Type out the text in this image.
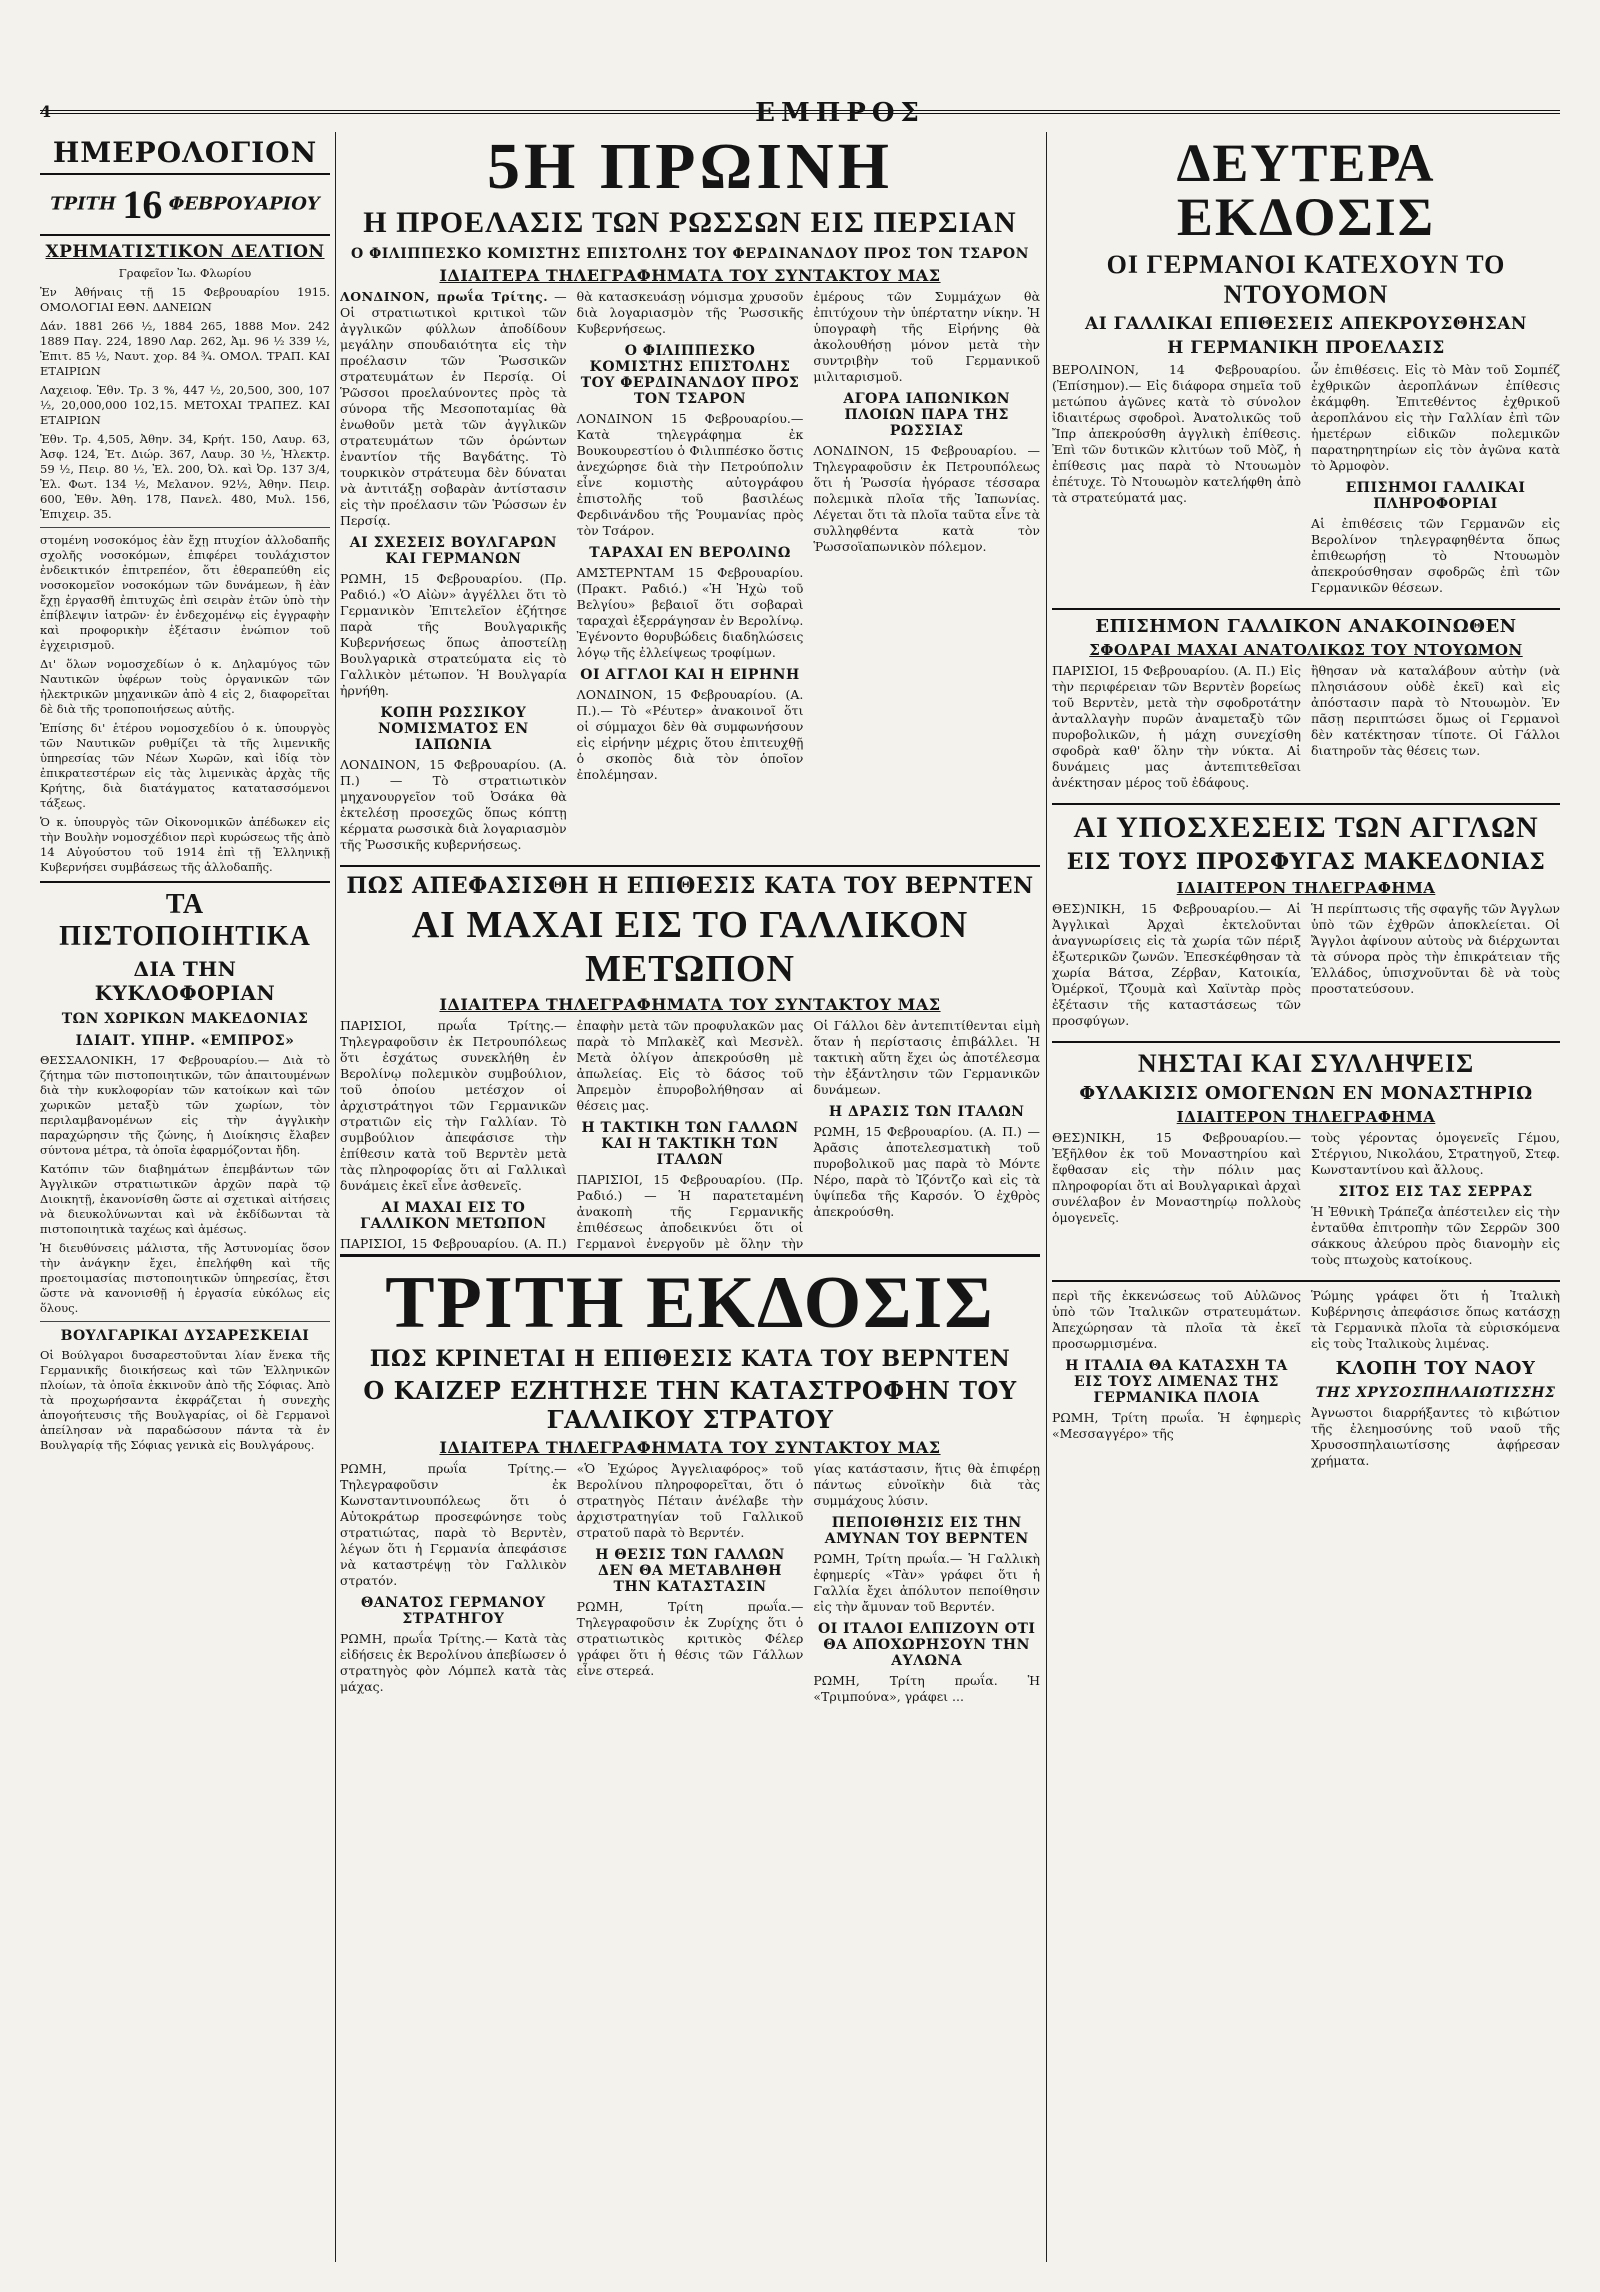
4	ΕΜΠΡΟΣ
ΗΜΕΡΟΛΟΓΙΟΝ
ΤΡΙΤΗ 16 ΦΕΒΡΟΥΑΡΙΟΥ
ΧΡΗΜΑΤΙΣΤΙΚΟΝ ΔΕΛΤΙΟΝ

Γραφεῖον Ἰω. Φλωρίου

Ἐν Ἀθήναις τῇ 15 Φεβρουαρίου 1915. ΟΜΟΛΟΓΙΑΙ ΕΘΝ. ΔΑΝΕΙΩΝ

Δάν. 1881 266 ½, 1884 265, 1888 Μον. 242 1889 Παγ. 224, 1890 Λαρ. 262, Ἀμ. 96 ½ 339 ½, Ἐπιτ. 85 ½, Ναυτ. χορ. 84 ¾. ΟΜΟΛ. ΤΡΑΠ. ΚΑΙ ΕΤΑΙΡΙΩΝ

Λαχειοφ. Ἐθν. Τρ. 3 %, 447 ½, 20,500, 300, 107 ½, 20,000,000 102,15. ΜΕΤΟΧΑΙ ΤΡΑΠΕΖ. ΚΑΙ ΕΤΑΙΡΙΩΝ

Ἐθν. Τρ. 4,505, Ἀθην. 34, Κρήτ. 150, Λαυρ. 63, Ἀσφ. 124, Ἐτ. Διώρ. 367, Λαυρ. 30 ½, Ἠλεκτρ. 59 ½, Πειρ. 80 ½, Ἐλ. 200, Ὀλ. καὶ Ὀρ. 137 3/4, Ἐλ. Φωτ. 134 ½, Μελανον. 92½, Ἀθην. Πειρ. 600, Ἐθν. Ἀθη. 178, Πανελ. 480, Μυλ. 156, Ἐπιχειρ. 35.

στομένη νοσοκόμος ἐὰν ἔχῃ πτυχίον ἀλλοδαπῆς σχολῆς νοσοκόμων, ἐπιφέρει τουλάχιστον ἐνδεικτικόν ἐπιτρεπέον, ὅτι ἐθεραπεύθη εἰς νοσοκομεῖον νοσοκόμων τῶν δυνάμεων, ἢ ἐὰν ἔχῃ ἐργασθῆ ἐπιτυχῶς ἐπὶ σειρὰν ἐτῶν ὑπὸ τὴν ἐπίβλεψιν ἰατρῶν· ἐν ἐνδεχομένῳ εἰς ἐγγραφὴν καὶ προφορικὴν ἐξέτασιν ἐνώπιον τοῦ ἐγχειρισμοῦ.

Δι' ὅλων νομοσχεδίων ὁ κ. Δηλαμύγος τῶν Ναυτικῶν ὑφέρων τοὺς ὀργανικῶν τῶν ἠλεκτρικῶν μηχανικῶν ἀπὸ 4 εἰς 2, διαφορεῖται δὲ διὰ τῆς τροποποιήσεως αὐτῆς.

Ἐπίσης δι' ἑτέρου νομοσχεδίου ὁ κ. ὑπουργὸς τῶν Ναυτικῶν ρυθμίζει τὰ τῆς λιμενικῆς ὑπηρεσίας τῶν Νέων Χωρῶν, καὶ ἰδίᾳ τὸν ἐπικρατεστέρων εἰς τὰς λιμενικὰς ἀρχὰς τῆς Κρήτης, διὰ διατάγματος κατατασσόμενοι τάξεως.

Ὁ κ. ὑπουργὸς τῶν Οἰκονομικῶν ἀπέδωκεν εἰς τὴν Βουλὴν νομοσχέδιον περὶ κυρώσεως τῆς ἀπὸ 14 Αὐγούστου τοῦ 1914 ἐπὶ τῇ Ἑλληνικῇ Κυβερνήσει συμβάσεως τῆς ἀλλοδαπῆς.

ΤΑ ΠΙΣΤΟΠΟΙΗΤΙΚΑ
ΔΙΑ ΤΗΝ ΚΥΚΛΟΦΟΡΙΑΝ
ΤΩΝ ΧΩΡΙΚΩΝ ΜΑΚΕΔΟΝΙΑΣ
ΙΔΙΑΙΤ. ΥΠΗΡ. «ΕΜΠΡΟΣ»

ΘΕΣΣΑΛΟΝΙΚΗ, 17 Φεβρουαρίου.— Διὰ τὸ ζήτημα τῶν πιστοποιητικῶν, τῶν ἀπαιτουμένων διὰ τὴν κυκλοφορίαν τῶν κατοίκων καὶ τῶν χωρικῶν μεταξὺ τῶν χωρίων, τὸν περιλαμβανομένων εἰς τὴν ἀγγλικὴν παραχώρησιν τῆς ζώνης, ἡ Διοίκησις ἔλαβεν σύντονα μέτρα, τὰ ὁποῖα ἐφαρμόζονται ἤδη.

Κατόπιν τῶν διαβημάτων ἐπεμβάντων τῶν Ἀγγλικῶν στρατιωτικῶν ἀρχῶν παρὰ τῷ Διοικητῇ, ἐκανονίσθη ὥστε αἱ σχετικαὶ αἰτήσεις νὰ διευκολύνωνται καὶ νὰ ἐκδίδωνται τὰ πιστοποιητικὰ ταχέως καὶ ἀμέσως.

Ἡ διευθύνσεις μάλιστα, τῆς Ἀστυνομίας ὅσον τὴν ἀνάγκην ἔχει, ἐπελήφθη καὶ τῆς προετοιμασίας πιστοποιητικῶν ὑπηρεσίας, ἔτσι ὥστε νὰ κανονισθῇ ἡ ἐργασία εὐκόλως εἰς ὅλους.

ΒΟΥΛΓΑΡΙΚΑΙ ΔΥΣΑΡΕΣΚΕΙΑΙ

Οἱ Βούλγαροι δυσαρεστοῦνται λίαν ἕνεκα τῆς Γερμανικῆς διοικήσεως καὶ τῶν Ἑλληνικῶν πλοίων, τὰ ὁποῖα ἐκκινοῦν ἀπὸ τῆς Σόφιας. Ἀπὸ τὰ προχωρήσαντα ἐκφράζεται ἡ συνεχὴς ἀπογοήτευσις τῆς Βουλγαρίας, οἱ δὲ Γερμανοὶ ἀπείλησαν νὰ παραδώσουν πάντα τὰ ἐν Βουλγαρίᾳ τῆς Σόφιας γενικὰ εἰς Βουλγάρους.

5Η ΠΡΩΙΝΗ
Η ΠΡΟΕΛΑΣΙΣ ΤΩΝ ΡΩΣΣΩΝ ΕΙΣ ΠΕΡΣΙΑΝ
Ο ΦΙΛΙΠΠΕΣΚΟ ΚΟΜΙΣΤΗΣ ΕΠΙΣΤΟΛΗΣ ΤΟΥ ΦΕΡΔΙΝΑΝΔΟΥ ΠΡΟΣ ΤΟΝ ΤΣΑΡΟΝ
ΙΔΙΑΙΤΕΡΑ ΤΗΛΕΓΡΑΦΗΜΑΤΑ ΤΟΥ ΣΥΝΤΑΚΤΟΥ ΜΑΣ

ΛΟΝΔΙΝΟΝ, πρωΐα Τρίτης. —Οἱ στρατιωτικοὶ κριτικοὶ τῶν ἀγγλικῶν φύλλων ἀποδίδουν μεγάλην σπουδαιότητα εἰς τὴν προέλασιν τῶν Ῥωσσικῶν στρατευμάτων ἐν Περσίᾳ. Οἱ Ῥῶσσοι προελαύνοντες πρὸς τὰ σύνορα τῆς Μεσοποταμίας θὰ ἐνωθοῦν μετὰ τῶν ἀγγλικῶν στρατευμάτων τῶν ὁρώντων ἐναντίον τῆς Βαγδάτης. Τὸ τουρκικὸν στράτευμα δὲν δύναται νὰ ἀντιτάξῃ σοβαρὰν ἀντίστασιν εἰς τὴν προέλασιν τῶν Ῥώσσων ἐν Περσίᾳ.

ΑΙ ΣΧΕΣΕΙΣ ΒΟΥΛΓΑΡΩΝ ΚΑΙ ΓΕΡΜΑΝΩΝ

ΡΩΜΗ, 15 Φεβρουαρίου. (Πρ. Ραδιό.) «Ὁ Αἰὼν» ἀγγέλλει ὅτι τὸ Γερμανικὸν Ἐπιτελεῖον ἐζήτησε παρὰ τῆς Βουλγαρικῆς Κυβερνήσεως ὅπως ἀποστείλῃ Βουλγαρικὰ στρατεύματα εἰς τὸ Γαλλικὸν μέτωπον. Ἡ Βουλγαρία ἠρνήθη.

ΚΟΠΗ ΡΩΣΣΙΚΟΥ ΝΟΜΙΣΜΑΤΟΣ ΕΝ ΙΑΠΩΝΙΑ

ΛΟΝΔΙΝΟΝ, 15 Φεβρουαρίου. (Α. Π.) — Τὸ στρατιωτικὸν μηχανουργεῖον τοῦ Ὀσάκα θὰ ἐκτελέσῃ προσεχῶς ὅπως κόπτῃ κέρματα ρωσσικὰ διὰ λογαριασμὸν τῆς Ῥωσσικῆς κυβερνήσεως.

θὰ κατασκευάσῃ νόμισμα χρυσοῦν διὰ λογαριασμὸν τῆς Ῥωσσικῆς Κυβερνήσεως.

Ο ΦΙΛΙΠΠΕΣΚΟ ΚΟΜΙΣΤΗΣ ΕΠΙΣΤΟΛΗΣ ΤΟΥ ΦΕΡΔΙΝΑΝΔΟΥ ΠΡΟΣ ΤΟΝ ΤΣΑΡΟΝ

ΛΟΝΔΙΝΟΝ 15 Φεβρουαρίου.— Κατὰ τηλεγράφημα ἐκ Βουκουρεστίου ὁ Φιλιππέσκο ὅστις ἀνεχώρησε διὰ τὴν Πετρούπολιν εἶνε κομιστὴς αὐτογράφου ἐπιστολῆς τοῦ βασιλέως Φερδινάνδου τῆς Ῥουμανίας πρὸς τὸν Τσάρον.

ΤΑΡΑΧΑΙ ΕΝ ΒΕΡΟΛΙΝΩ

ΑΜΣΤΕΡΝΤΑΜ 15 Φεβρουαρίου. (Πρακτ. Ραδιό.) «Ἡ Ἠχὼ τοῦ Βελγίου» βεβαιοῖ ὅτι σοβαραὶ ταραχαὶ ἐξερράγησαν ἐν Βερολίνῳ. Ἐγένοντο θορυβώδεις διαδηλώσεις λόγῳ τῆς ἐλλείψεως τροφίμων.

ΟΙ ΑΓΓΛΟΙ ΚΑΙ Η ΕΙΡΗΝΗ

ΛΟΝΔΙΝΟΝ, 15 Φεβρουαρίου. (Α. Π.).— Τὸ «Ρέυτερ» ἀνακοινοῖ ὅτι οἱ σύμμαχοι δὲν θὰ συμφωνήσουν εἰς εἰρήνην μέχρις ὅτου ἐπιτευχθῇ ὁ σκοπὸς διὰ τὸν ὁποῖον ἐπολέμησαν.

ἐμέρους τῶν Συμμάχων θὰ ἐπιτύχουν τὴν ὑπέρτατην νίκην. Ἡ ὑπογραφὴ τῆς Εἰρήνης θὰ ἀκολουθήσῃ μόνον μετὰ τὴν συντριβὴν τοῦ Γερμανικοῦ μιλιταρισμοῦ.

ΑΓΟΡΑ ΙΑΠΩΝΙΚΩΝ ΠΛΟΙΩΝ ΠΑΡΑ ΤΗΣ ΡΩΣΣΙΑΣ

ΛΟΝΔΙΝΟΝ, 15 Φεβρουαρίου. — Τηλεγραφοῦσιν ἐκ Πετρουπόλεως ὅτι ἡ Ῥωσσία ἠγόρασε τέσσαρα πολεμικὰ πλοῖα τῆς Ἰαπωνίας. Λέγεται ὅτι τὰ πλοῖα ταῦτα εἶνε τὰ συλληφθέντα κατὰ τὸν Ῥωσσοϊαπωνικὸν πόλεμον.

ΠΩΣ ΑΠΕΦΑΣΙΣΘΗ Η ΕΠΙΘΕΣΙΣ ΚΑΤΑ ΤΟΥ ΒΕΡΝΤΕΝ
ΑΙ ΜΑΧΑΙ ΕΙΣ ΤΟ ΓΑΛΛΙΚΟΝ ΜΕΤΩΠΟΝ
ΙΔΙΑΙΤΕΡΑ ΤΗΛΕΓΡΑΦΗΜΑΤΑ ΤΟΥ ΣΥΝΤΑΚΤΟΥ ΜΑΣ

ΠΑΡΙΣΙΟΙ, πρωΐα Τρίτης.— Τηλεγραφοῦσιν ἐκ Πετρουπόλεως ὅτι ἐσχάτως συνεκλήθη ἐν Βερολίνῳ πολεμικὸν συμβούλιον, τοῦ ὁποίου μετέσχον οἱ ἀρχιστράτηγοι τῶν Γερμανικῶν στρατιῶν εἰς τὴν Γαλλίαν. Τὸ συμβούλιον ἀπεφάσισε τὴν ἐπίθεσιν κατὰ τοῦ Βερντὲν μετὰ τὰς πληροφορίας ὅτι αἱ Γαλλικαὶ δυνάμεις ἐκεῖ εἶνε ἀσθενεῖς.

ΑΙ ΜΑΧΑΙ ΕΙΣ ΤΟ ΓΑΛΛΙΚΟΝ ΜΕΤΩΠΟΝ

ΠΑΡΙΣΙΟΙ, 15 Φεβρουαρίου. (Α. Π.)

ἐπαφὴν μετὰ τῶν προφυλακῶν μας παρὰ τὸ Μπλακὲζ καὶ Μεσνὲλ. Μετὰ ὀλίγον ἀπεκρούσθη μὲ ἀπωλείας. Εἰς τὸ δάσος τοῦ Ἀπρεμὸν ἐπυροβολήθησαν αἱ θέσεις μας.

Η ΤΑΚΤΙΚΗ ΤΩΝ ΓΑΛΛΩΝ ΚΑΙ Η ΤΑΚΤΙΚΗ ΤΩΝ ΙΤΑΛΩΝ

ΠΑΡΙΣΙΟΙ, 15 Φεβρουαρίου. (Πρ. Ραδιό.) — Ἡ παρατεταμένη ἀνακοπὴ τῆς Γερμανικῆς ἐπιθέσεως ἀποδεικνύει ὅτι οἱ Γερμανοὶ ἐνεργοῦν μὲ ὅλην τὴν

Οἱ Γάλλοι δὲν ἀντεπιτίθενται εἰμὴ ὅταν ἡ περίστασις ἐπιβάλλει. Ἡ τακτικὴ αὕτη ἔχει ὡς ἀποτέλεσμα τὴν ἐξάντλησιν τῶν Γερμανικῶν δυνάμεων.

Η ΔΡΑΣΙΣ ΤΩΝ ΙΤΑΛΩΝ

ΡΩΜΗ, 15 Φεβρουαρίου. (Α. Π.) — Ἀρᾶσις ἀποτελεσματικὴ τοῦ πυροβολικοῦ μας παρὰ τὸ Μόντε Νέρο, παρὰ τὸ Ἰζόντζο καὶ εἰς τὰ ὑψίπεδα τῆς Καρσόν. Ὁ ἐχθρὸς ἀπεκρούσθη.

ΤΡΙΤΗ ΕΚΔΟΣΙΣ
ΠΩΣ ΚΡΙΝΕΤΑΙ Η ΕΠΙΘΕΣΙΣ ΚΑΤΑ ΤΟΥ ΒΕΡΝΤΕΝ
Ο ΚΑΙΖΕΡ ΕΖΗΤΗΣΕ ΤΗΝ ΚΑΤΑΣΤΡΟΦΗΝ ΤΟΥ ΓΑΛΛΙΚΟΥ ΣΤΡΑΤΟΥ
ΙΔΙΑΙΤΕΡΑ ΤΗΛΕΓΡΑΦΗΜΑΤΑ ΤΟΥ ΣΥΝΤΑΚΤΟΥ ΜΑΣ

ΡΩΜΗ, πρωΐα Τρίτης.— Τηλεγραφοῦσιν ἐκ Κωνσταντινουπόλεως ὅτι ὁ Αὐτοκράτωρ προσεφώνησε τοὺς στρατιώτας, παρὰ τὸ Βερντὲν, λέγων ὅτι ἡ Γερμανία ἀπεφάσισε νὰ καταστρέψῃ τὸν Γαλλικὸν στρατόν.

ΘΑΝΑΤΟΣ ΓΕΡΜΑΝΟΥ ΣΤΡΑΤΗΓΟΥ

ΡΩΜΗ, πρωΐα Τρίτης.— Κατὰ τὰς εἰδήσεις ἐκ Βερολίνου ἀπεβίωσεν ὁ στρατηγὸς φὸν Λόμπελ κατὰ τὰς μάχας.

«Ὁ Ἐχώρος Ἀγγελιαφόρος» τοῦ Βερολίνου πληροφορεῖται, ὅτι ὁ στρατηγὸς Πέταιν ἀνέλαβε τὴν ἀρχιστρατηγίαν τοῦ Γαλλικοῦ στρατοῦ παρὰ τὸ Βερντέν.

Η ΘΕΣΙΣ ΤΩΝ ΓΑΛΛΩΝ ΔΕΝ ΘΑ ΜΕΤΑΒΛΗΘΗ ΤΗΝ ΚΑΤΑΣΤΑΣΙΝ

ΡΩΜΗ, Τρίτη πρωΐα.— Τηλεγραφοῦσιν ἐκ Ζυρίχης ὅτι ὁ στρατιωτικὸς κριτικὸς Φέλερ γράφει ὅτι ἡ θέσις τῶν Γάλλων εἶνε στερεά.

γίας κατάστασιν, ἥτις θὰ ἐπιφέρῃ πάντως εὐνοϊκὴν διὰ τὰς συμμάχους λύσιν.

ΠΕΠΟΙΘΗΣΙΣ ΕΙΣ ΤΗΝ ΑΜΥΝΑΝ ΤΟΥ ΒΕΡΝΤΕΝ

ΡΩΜΗ, Τρίτη πρωΐα.— Ἡ Γαλλικὴ ἐφημερίς «Τὰν» γράφει ὅτι ἡ Γαλλία ἔχει ἀπόλυτον πεποίθησιν εἰς τὴν ἄμυναν τοῦ Βερντέν.

ΟΙ ΙΤΑΛΟΙ ΕΛΠΙΖΟΥΝ ΟΤΙ ΘΑ ΑΠΟΧΩΡΗΣΟΥΝ ΤΗΝ ΑΥΛΩΝΑ

ΡΩΜΗ, Τρίτη πρωΐα. Ἡ «Τριμπούνα», γράφει ...

ΔΕΥΤΕΡΑ ΕΚΔΟΣΙΣ
ΟΙ ΓΕΡΜΑΝΟΙ ΚΑΤΕΧΟΥΝ ΤΟ ΝΤΟΥΟΜΟΝ
ΑΙ ΓΑΛΛΙΚΑΙ ΕΠΙΘΕΣΕΙΣ ΑΠΕΚΡΟΥΣΘΗΣΑΝ
Η ΓΕΡΜΑΝΙΚΗ ΠΡΟΕΛΑΣΙΣ

ΒΕΡΟΛΙΝΟΝ, 14 Φεβρουαρίου. (Ἐπίσημον).— Εἰς διάφορα σημεῖα τοῦ μετώπου ἀγῶνες κατὰ τὸ σύνολον ἰδιαιτέρως σφοδροὶ. Ἀνατολικῶς τοῦ Ἴπρ ἀπεκρούσθη ἀγγλικὴ ἐπίθεσις. Ἐπὶ τῶν δυτικῶν κλιτύων τοῦ Μὸζ, ἡ ἐπίθεσις μας παρὰ τὸ Ντουωμὸν ἐπέτυχε. Τὸ Ντουωμὸν κατελήφθη ἀπὸ τὰ στρατεύματά μας.

ὧν ἐπιθέσεις. Εἰς τὸ Μὰν τοῦ Σομπέζ ἐχθρικῶν ἀεροπλάνων ἐπίθεσις ἐκάμφθη. Ἐπιτεθέντος ἐχθρικοῦ ἀεροπλάνου εἰς τὴν Γαλλίαν ἐπὶ τῶν ἡμετέρων εἰδικῶν πολεμικῶν παρατηρητηρίων εἰς τὸν ἀγῶνα κατὰ τὸ Ἀρμοφὸν.

ΕΠΙΣΗΜΟΙ ΓΑΛΛΙΚΑΙ ΠΛΗΡΟΦΟΡΙΑΙ

Αἱ ἐπιθέσεις τῶν Γερμανῶν εἰς Βερολίνον τηλεγραφηθέντα ὅπως ἐπιθεωρήσῃ τὸ Ντουωμὸν ἀπεκρούσθησαν σφοδρῶς ἐπὶ τῶν Γερμανικῶν θέσεων.

ΕΠΙΣΗΜΟΝ ΓΑΛΛΙΚΟΝ ΑΝΑΚΟΙΝΩΘΕΝ
ΣΦΟΔΡΑΙ ΜΑΧΑΙ ΑΝΑΤΟΛΙΚΩΣ ΤΟΥ ΝΤΟΥΩΜΟΝ

ΠΑΡΙΣΙΟΙ, 15 Φεβρουαρίου. (Α. Π.) Εἰς τὴν περιφέρειαν τῶν Βερντὲν βορείως τοῦ Βερντὲν, μετὰ τὴν σφοδροτάτην ἀνταλλαγὴν πυρῶν ἀναμεταξὺ τῶν πυροβολικῶν, ἡ μάχη συνεχίσθη σφοδρὰ καθ' ὅλην τὴν νύκτα. Αἱ δυνάμεις μας ἀντεπιτεθεῖσαι ἀνέκτησαν μέρος τοῦ ἐδάφους.

ἢθησαν νὰ καταλάβουν αὐτὴν (νὰ πλησιάσουν οὐδὲ ἐκεῖ) καὶ εἰς ἀπόστασιν παρὰ τὸ Ντουωμὸν. Ἐν πᾶσῃ περιπτώσει ὅμως οἱ Γερμανοὶ δὲν κατέκτησαν τίποτε. Οἱ Γάλλοι διατηροῦν τὰς θέσεις των.

ΑΙ ΥΠΟΣΧΕΣΕΙΣ ΤΩΝ ΑΓΓΛΩΝ
ΕΙΣ ΤΟΥΣ ΠΡΟΣΦΥΓΑΣ ΜΑΚΕΔΟΝΙΑΣ
ΙΔΙΑΙΤΕΡΟΝ ΤΗΛΕΓΡΑΦΗΜΑ

ΘΕΣ)ΝΙΚΗ, 15 Φεβρουαρίου.— Αἱ Ἀγγλικαὶ Ἀρχαὶ ἐκτελοῦνται ἀναγνωρίσεις εἰς τὰ χωρία τῶν πέριξ ἐξωτερικῶν ζωνῶν. Ἐπεσκέφθησαν τὰ χωρία Βάτσα, Ζέρβαν, Κατοικία, Ὀμέρκοϊ, Τζουμὰ καὶ Χαϊντὰρ πρὸς ἐξέτασιν τῆς καταστάσεως τῶν προσφύγων.

Ἡ περίπτωσις τῆς σφαγῆς τῶν Ἀγγλων ὑπὸ τῶν ἐχθρῶν ἀποκλείεται. Οἱ Ἄγγλοι ἀφίνουν αὐτοὺς νὰ διέρχωνται τὰ σύνορα πρὸς τὴν ἐπικράτειαν τῆς Ἑλλάδος, ὑπισχνοῦνται δὲ νὰ τοὺς προστατεύσουν.

ΝΗΣΤΑΙ ΚΑΙ ΣΥΛΛΗΨΕΙΣ
ΦΥΛΑΚΙΣΙΣ ΟΜΟΓΕΝΩΝ ΕΝ ΜΟΝΑΣΤΗΡΙΩ
ΙΔΙΑΙΤΕΡΟΝ ΤΗΛΕΓΡΑΦΗΜΑ

ΘΕΣ)ΝΙΚΗ, 15 Φεβρουαρίου.— Ἐξῆλθον ἐκ τοῦ Μοναστηρίου καὶ ἔφθασαν εἰς τὴν πόλιν μας πληροφορίαι ὅτι αἱ Βουλγαρικαὶ ἀρχαὶ συνέλαβον ἐν Μοναστηρίῳ πολλοὺς ὁμογενεῖς.

τοὺς γέροντας ὁμογενεῖς Γέμου, Στέργιου, Νικολάου, Στρατηγοῦ, Στεφ. Κωνσταντίνου καὶ ἄλλους.

ΣΙΤΟΣ ΕΙΣ ΤΑΣ ΣΕΡΡΑΣ

Ἡ Ἐθνικὴ Τράπεζα ἀπέστειλεν εἰς τὴν ἐνταῦθα ἐπιτροπὴν τῶν Σερρῶν 300 σάκκους ἀλεύρου πρὸς διανομὴν εἰς τοὺς πτωχοὺς κατοίκους.

περὶ τῆς ἐκκενώσεως τοῦ Αὐλῶνος ὑπὸ τῶν Ἰταλικῶν στρατευμάτων. Ἀπεχώρησαν τὰ πλοῖα τὰ ἐκεῖ προσωρμισμένα.

Η ΙΤΑΛΙΑ ΘΑ ΚΑΤΑΣΧΗ ΤΑ ΕΙΣ ΤΟΥΣ ΛΙΜΕΝΑΣ ΤΗΣ ΓΕΡΜΑΝΙΚΑ ΠΛΟΙΑ

ΡΩΜΗ, Τρίτη πρωΐα. Ἡ ἐφημερὶς «Μεσσαγγέρο» τῆς

Ῥώμης γράφει ὅτι ἡ Ἰταλικὴ Κυβέρνησις ἀπεφάσισε ὅπως κατάσχῃ τὰ Γερμανικὰ πλοῖα τὰ εὑρισκόμενα εἰς τοὺς Ἰταλικοὺς λιμένας.

ΚΛΟΠΗ ΤΟΥ ΝΑΟΥ
ΤΗΣ ΧΡΥΣΟΣΠΗΛΑΙΩΤΙΣΣΗΣ

Ἀγνωστοι διαρρήξαντες τὸ κιβώτιον τῆς ἐλεημοσύνης τοῦ ναοῦ τῆς Χρυσοσπηλαιωτίσσης ἀφῄρεσαν χρήματα.
